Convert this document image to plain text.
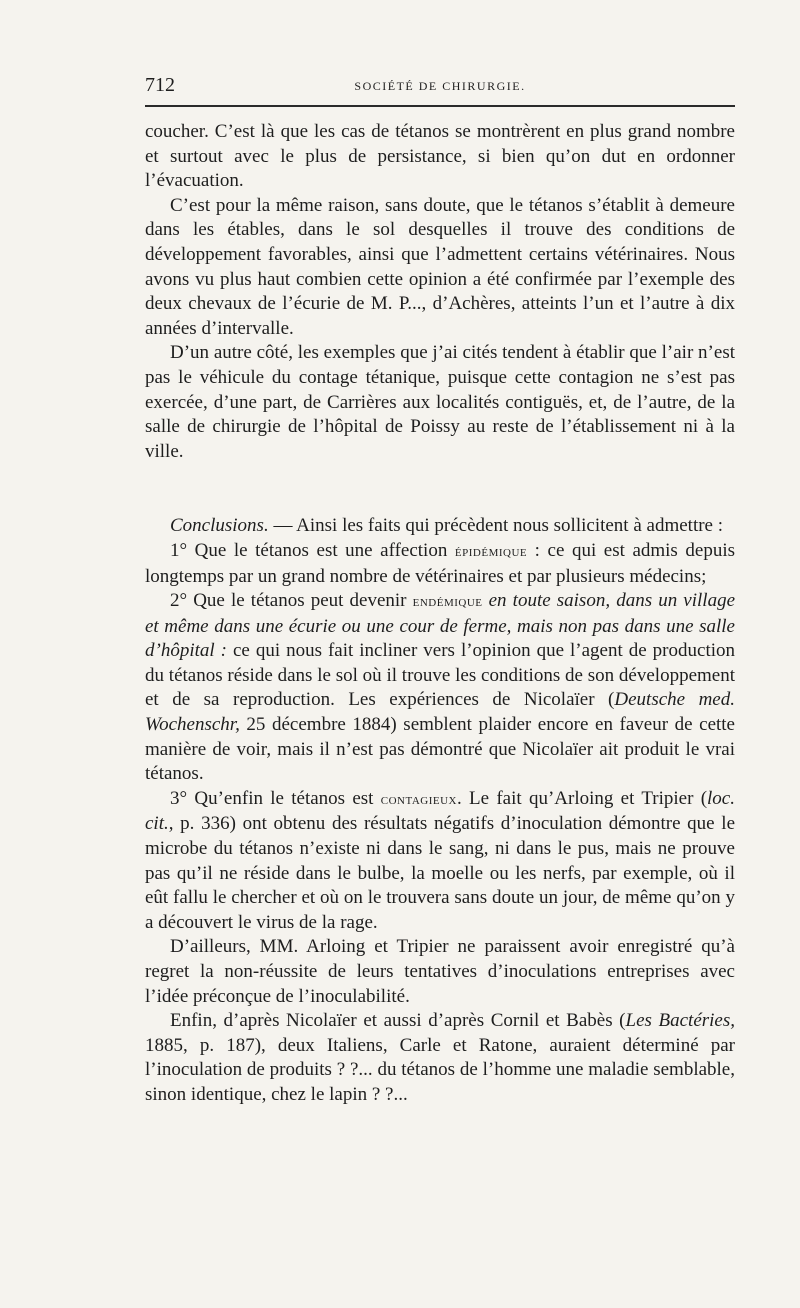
712	SOCIÉTÉ DE CHIRURGIE.

coucher. C’est là que les cas de tétanos se montrèrent en plus grand nombre et surtout avec le plus de persistance, si bien qu’on dut en ordonner l’évacuation.

C’est pour la même raison, sans doute, que le tétanos s’établit à demeure dans les étables, dans le sol desquelles il trouve des conditions de développement favorables, ainsi que l’admettent certains vétérinaires. Nous avons vu plus haut combien cette opinion a été confirmée par l’exemple des deux chevaux de l’écurie de M. P..., d’Achères, atteints l’un et l’autre à dix années d’intervalle.

D’un autre côté, les exemples que j’ai cités tendent à établir que l’air n’est pas le véhicule du contage tétanique, puisque cette contagion ne s’est pas exercée, d’une part, de Carrières aux localités contiguës, et, de l’autre, de la salle de chirurgie de l’hôpital de Poissy au reste de l’établissement ni à la ville.

Conclusions. — Ainsi les faits qui précèdent nous sollicitent à admettre :

1° Que le tétanos est une affection épidémique : ce qui est admis depuis longtemps par un grand nombre de vétérinaires et par plusieurs médecins;

2° Que le tétanos peut devenir endémique en toute saison, dans un village et même dans une écurie ou une cour de ferme, mais non pas dans une salle d’hôpital : ce qui nous fait incliner vers l’opinion que l’agent de production du tétanos réside dans le sol où il trouve les conditions de son développement et de sa reproduction. Les expériences de Nicolaïer (Deutsche med. Wochenschr, 25 décembre 1884) semblent plaider encore en faveur de cette manière de voir, mais il n’est pas démontré que Nicolaïer ait produit le vrai tétanos.

3° Qu’enfin le tétanos est contagieux. Le fait qu’Arloing et Tripier (loc. cit., p. 336) ont obtenu des résultats négatifs d’inoculation démontre que le microbe du tétanos n’existe ni dans le sang, ni dans le pus, mais ne prouve pas qu’il ne réside dans le bulbe, la moelle ou les nerfs, par exemple, où il eût fallu le chercher et où on le trouvera sans doute un jour, de même qu’on y a découvert le virus de la rage.

D’ailleurs, MM. Arloing et Tripier ne paraissent avoir enregistré qu’à regret la non-réussite de leurs tentatives d’inoculations entreprises avec l’idée préconçue de l’inoculabilité.

Enfin, d’après Nicolaïer et aussi d’après Cornil et Babès (Les Bactéries, 1885, p. 187), deux Italiens, Carle et Ratone, auraient déterminé par l’inoculation de produits ? ?... du tétanos de l’homme une maladie semblable, sinon identique, chez le lapin ? ?...
